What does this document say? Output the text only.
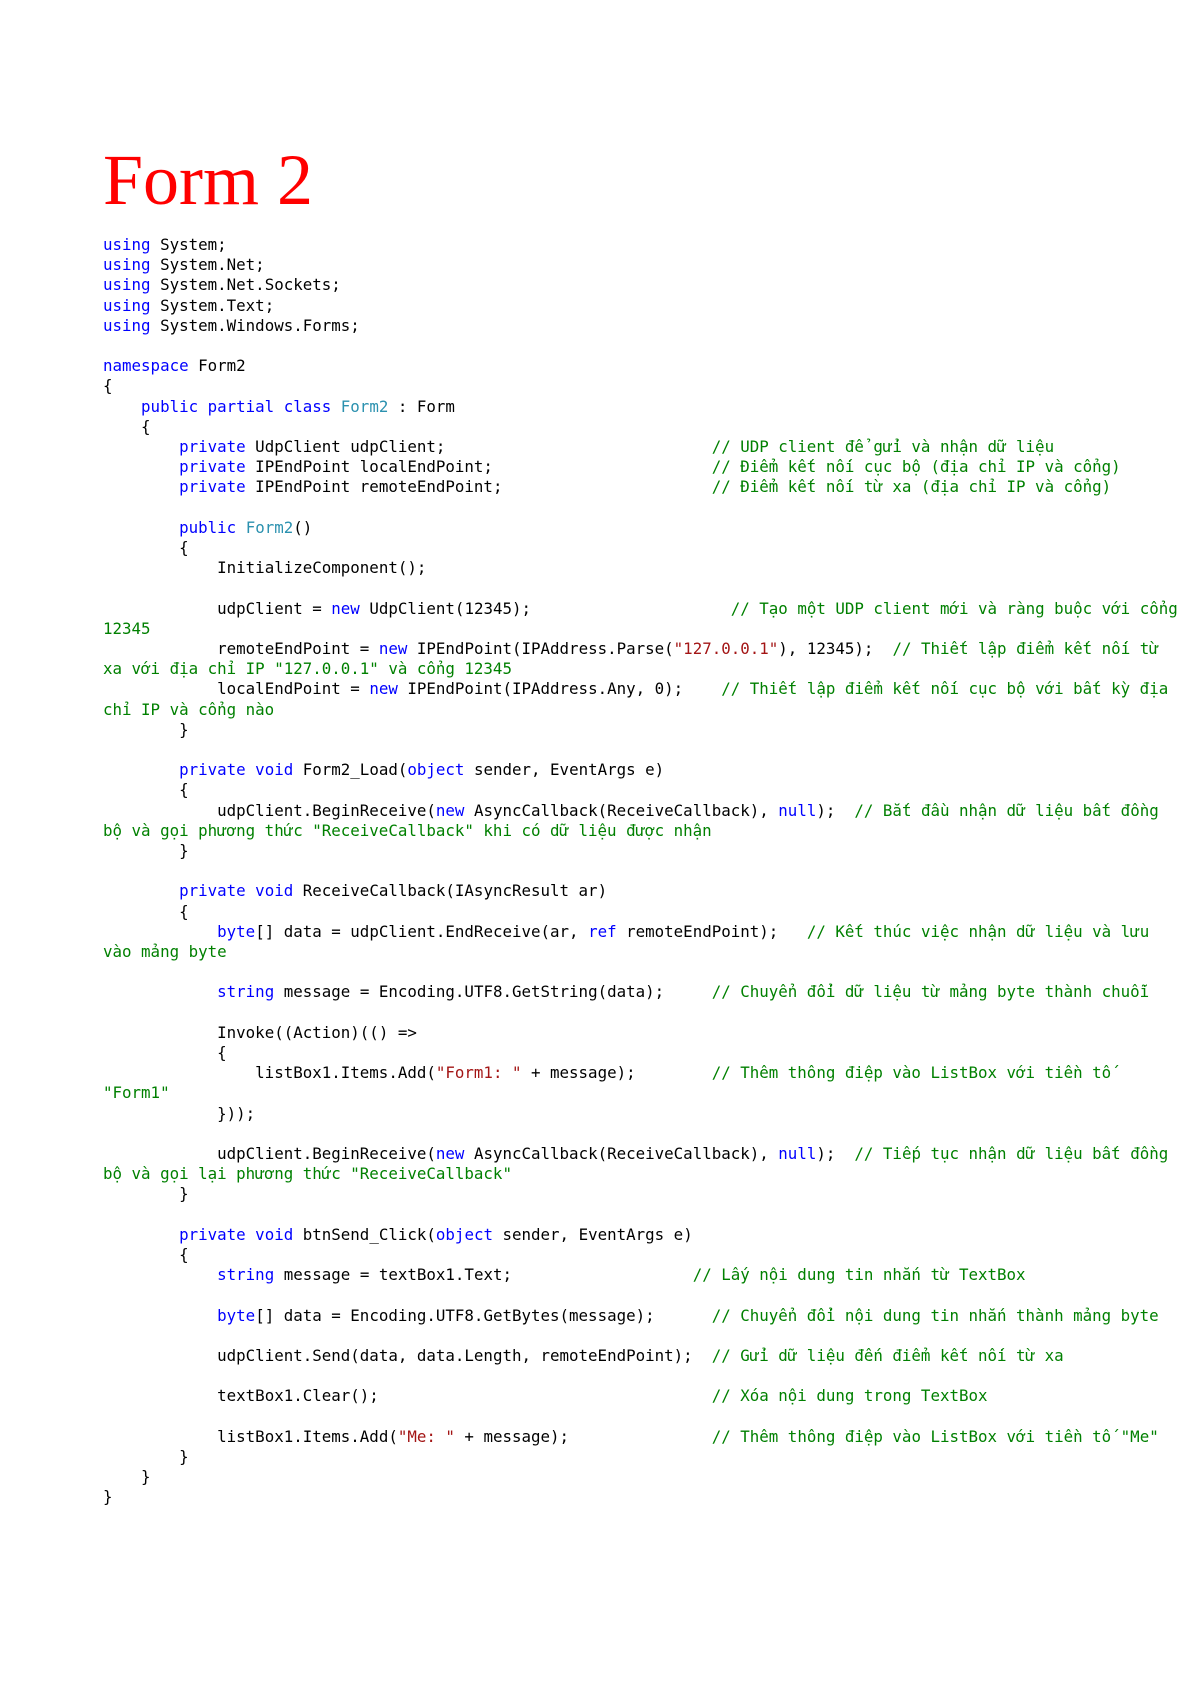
Form 2
using System;
using System.Net;
using System.Net.Sockets;
using System.Text;
using System.Windows.Forms;
namespace Form2
{
public partial class Form2 : Form
{
private UdpClient udpClient;                            // UDP client để gửi và nhận dữ liệu
private IPEndPoint localEndPoint;                       // Điểm kết nối cục bộ (địa chỉ IP và cổng)
private IPEndPoint remoteEndPoint;                      // Điểm kết nối từ xa (địa chỉ IP và cổng)
public Form2()
{
InitializeComponent();
udpClient = new UdpClient(12345);                     // Tạo một UDP client mới và ràng buộc với cổng 12345
remoteEndPoint = new IPEndPoint(IPAddress.Parse("127.0.0.1"), 12345);  // Thiết lập điểm kết nối từ xa với địa chỉ IP "127.0.0.1" và cổng 12345
localEndPoint = new IPEndPoint(IPAddress.Any, 0);    // Thiết lập điểm kết nối cục bộ với bất kỳ địa chỉ IP và cổng nào
}
private void Form2_Load(object sender, EventArgs e)
{
udpClient.BeginReceive(new AsyncCallback(ReceiveCallback), null);  // Bắt đầu nhận dữ liệu bất đồng bộ và gọi phương thức "ReceiveCallback" khi có dữ liệu được nhận
}
private void ReceiveCallback(IAsyncResult ar)
{
byte[] data = udpClient.EndReceive(ar, ref remoteEndPoint);   // Kết thúc việc nhận dữ liệu và lưu vào mảng byte
string message = Encoding.UTF8.GetString(data);     // Chuyển đổi dữ liệu từ mảng byte thành chuỗi
Invoke((Action)(() =>
{
listBox1.Items.Add("Form1: " + message);        // Thêm thông điệp vào ListBox với tiền tố "Form1"
}));
udpClient.BeginReceive(new AsyncCallback(ReceiveCallback), null);  // Tiếp tục nhận dữ liệu bất đồng bộ và gọi lại phương thức "ReceiveCallback"
}
private void btnSend_Click(object sender, EventArgs e)
{
string message = textBox1.Text;                   // Lấy nội dung tin nhắn từ TextBox
byte[] data = Encoding.UTF8.GetBytes(message);      // Chuyển đổi nội dung tin nhắn thành mảng byte
udpClient.Send(data, data.Length, remoteEndPoint);  // Gửi dữ liệu đến điểm kết nối từ xa
textBox1.Clear();                                   // Xóa nội dung trong TextBox
listBox1.Items.Add("Me: " + message);               // Thêm thông điệp vào ListBox với tiền tố "Me"
}
}
}
